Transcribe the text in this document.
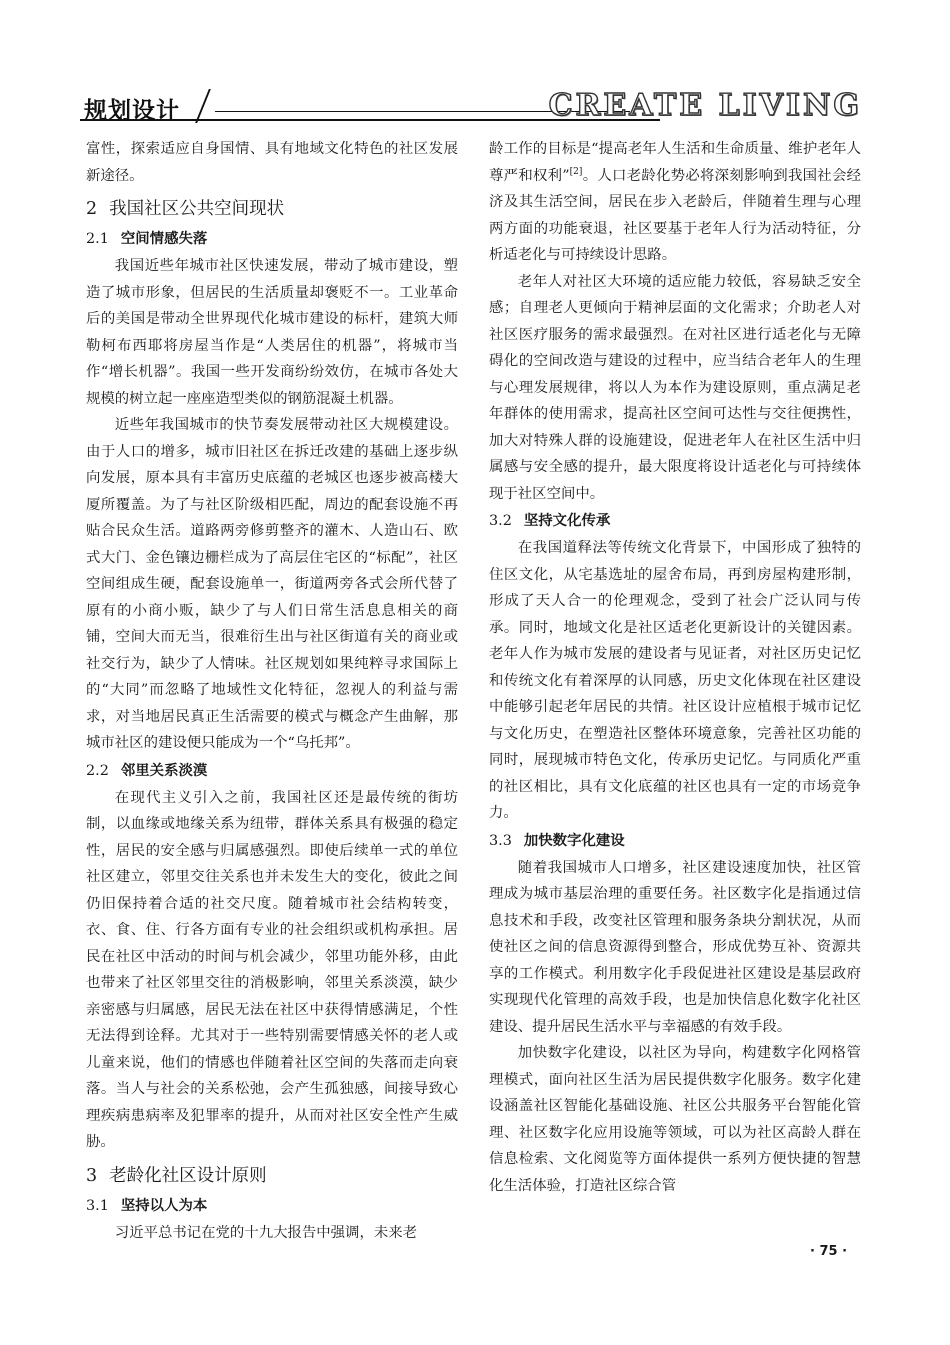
规划设计	CREATE LIVING

富性，探索适应自身国情、具有地域文化特色的社区发展新途径。

2 我国社区公共空间现状
2.1 空间情感失落

我国近些年城市社区快速发展，带动了城市建设，塑造了城市形象，但居民的生活质量却褒贬不一。工业革命后的美国是带动全世界现代化城市建设的标杆，建筑大师勒柯布西耶将房屋当作是“人类居住的机器”，将城市当作“增长机器”。我国一些开发商纷纷效仿，在城市各处大规模的树立起一座座造型类似的钢筋混凝土机器。

近些年我国城市的快节奏发展带动社区大规模建设。由于人口的增多，城市旧社区在拆迁改建的基础上逐步纵向发展，原本具有丰富历史底蕴的老城区也逐步被高楼大厦所覆盖。为了与社区阶级相匹配，周边的配套设施不再贴合民众生活。道路两旁修剪整齐的灌木、人造山石、欧式大门、金色镶边栅栏成为了高层住宅区的“标配”，社区空间组成生硬，配套设施单一，街道两旁各式会所代替了原有的小商小贩，缺少了与人们日常生活息息相关的商铺，空间大而无当，很难衍生出与社区街道有关的商业或社交行为，缺少了人情味。社区规划如果纯粹寻求国际上的“大同”而忽略了地域性文化特征，忽视人的利益与需求，对当地居民真正生活需要的模式与概念产生曲解，那城市社区的建设便只能成为一个“乌托邦”。

2.2 邻里关系淡漠

在现代主义引入之前，我国社区还是最传统的街坊制，以血缘或地缘关系为纽带，群体关系具有极强的稳定性，居民的安全感与归属感强烈。即使后续单一式的单位社区建立，邻里交往关系也并未发生大的变化，彼此之间仍旧保持着合适的社交尺度。随着城市社会结构转变，衣、食、住、行各方面有专业的社会组织或机构承担。居民在社区中活动的时间与机会减少，邻里功能外移，由此也带来了社区邻里交往的消极影响，邻里关系淡漠，缺少亲密感与归属感，居民无法在社区中获得情感满足，个性无法得到诠释。尤其对于一些特别需要情感关怀的老人或儿童来说，他们的情感也伴随着社区空间的失落而走向衰落。当人与社会的关系松弛，会产生孤独感，间接导致心理疾病患病率及犯罪率的提升，从而对社区安全性产生威胁。

3 老龄化社区设计原则
3.1 坚持以人为本

习近平总书记在党的十九大报告中强调，未来老

龄工作的目标是“提高老年人生活和生命质量、维护老年人尊严和权利”[2]。人口老龄化势必将深刻影响到我国社会经济及其生活空间，居民在步入老龄后，伴随着生理与心理两方面的功能衰退，社区要基于老年人行为活动特征，分析适老化与可持续设计思路。

老年人对社区大环境的适应能力较低，容易缺乏安全感；自理老人更倾向于精神层面的文化需求；介助老人对社区医疗服务的需求最强烈。在对社区进行适老化与无障碍化的空间改造与建设的过程中，应当结合老年人的生理与心理发展规律，将以人为本作为建设原则，重点满足老年群体的使用需求，提高社区空间可达性与交往便携性，加大对特殊人群的设施建设，促进老年人在社区生活中归属感与安全感的提升，最大限度将设计适老化与可持续体现于社区空间中。

3.2 坚持文化传承

在我国道释法等传统文化背景下，中国形成了独特的住区文化，从宅基选址的屋舍布局，再到房屋构建形制，形成了天人合一的伦理观念，受到了社会广泛认同与传承。同时，地域文化是社区适老化更新设计的关键因素。老年人作为城市发展的建设者与见证者，对社区历史记忆和传统文化有着深厚的认同感，历史文化体现在社区建设中能够引起老年居民的共情。社区设计应植根于城市记忆与文化历史，在塑造社区整体环境意象，完善社区功能的同时，展现城市特色文化，传承历史记忆。与同质化严重的社区相比，具有文化底蕴的社区也具有一定的市场竞争力。

3.3 加快数字化建设

随着我国城市人口增多，社区建设速度加快，社区管理成为城市基层治理的重要任务。社区数字化是指通过信息技术和手段，改变社区管理和服务条块分割状况，从而使社区之间的信息资源得到整合，形成优势互补、资源共享的工作模式。利用数字化手段促进社区建设是基层政府实现现代化管理的高效手段，也是加快信息化数字化社区建设、提升居民生活水平与幸福感的有效手段。

加快数字化建设，以社区为导向，构建数字化网格管理模式，面向社区生活为居民提供数字化服务。数字化建设涵盖社区智能化基础设施、社区公共服务平台智能化管理、社区数字化应用设施等领域，可以为社区高龄人群在信息检索、文化阅览等方面体提供一系列方便快捷的智慧化生活体验，打造社区综合管

· 75 ·
